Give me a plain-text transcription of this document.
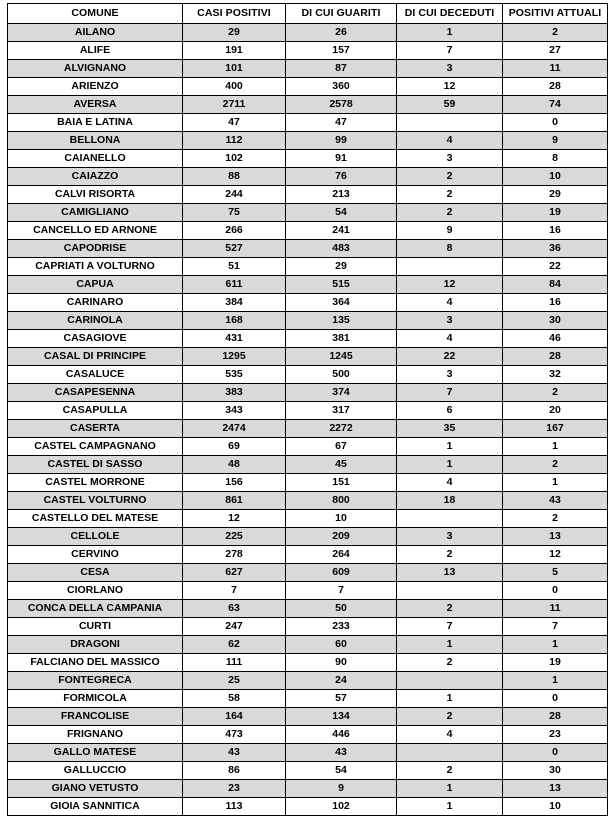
COMUNE	CASI POSITIVI	DI CUI GUARITI	DI CUI DECEDUTI	POSITIVI ATTUALI
AILANO	29	26	1	2
ALIFE	191	157	7	27
ALVIGNANO	101	87	3	11
ARIENZO	400	360	12	28
AVERSA	2711	2578	59	74
BAIA E LATINA	47	47		0
BELLONA	112	99	4	9
CAIANELLO	102	91	3	8
CAIAZZO	88	76	2	10
CALVI RISORTA	244	213	2	29
CAMIGLIANO	75	54	2	19
CANCELLO ED ARNONE	266	241	9	16
CAPODRISE	527	483	8	36
CAPRIATI A VOLTURNO	51	29		22
CAPUA	611	515	12	84
CARINARO	384	364	4	16
CARINOLA	168	135	3	30
CASAGIOVE	431	381	4	46
CASAL DI PRINCIPE	1295	1245	22	28
CASALUCE	535	500	3	32
CASAPESENNA	383	374	7	2
CASAPULLA	343	317	6	20
CASERTA	2474	2272	35	167
CASTEL CAMPAGNANO	69	67	1	1
CASTEL DI SASSO	48	45	1	2
CASTEL MORRONE	156	151	4	1
CASTEL VOLTURNO	861	800	18	43
CASTELLO DEL MATESE	12	10		2
CELLOLE	225	209	3	13
CERVINO	278	264	2	12
CESA	627	609	13	5
CIORLANO	7	7		0
CONCA DELLA CAMPANIA	63	50	2	11
CURTI	247	233	7	7
DRAGONI	62	60	1	1
FALCIANO DEL MASSICO	111	90	2	19
FONTEGRECA	25	24		1
FORMICOLA	58	57	1	0
FRANCOLISE	164	134	2	28
FRIGNANO	473	446	4	23
GALLO MATESE	43	43		0
GALLUCCIO	86	54	2	30
GIANO VETUSTO	23	9	1	13
GIOIA SANNITICA	113	102	1	10
